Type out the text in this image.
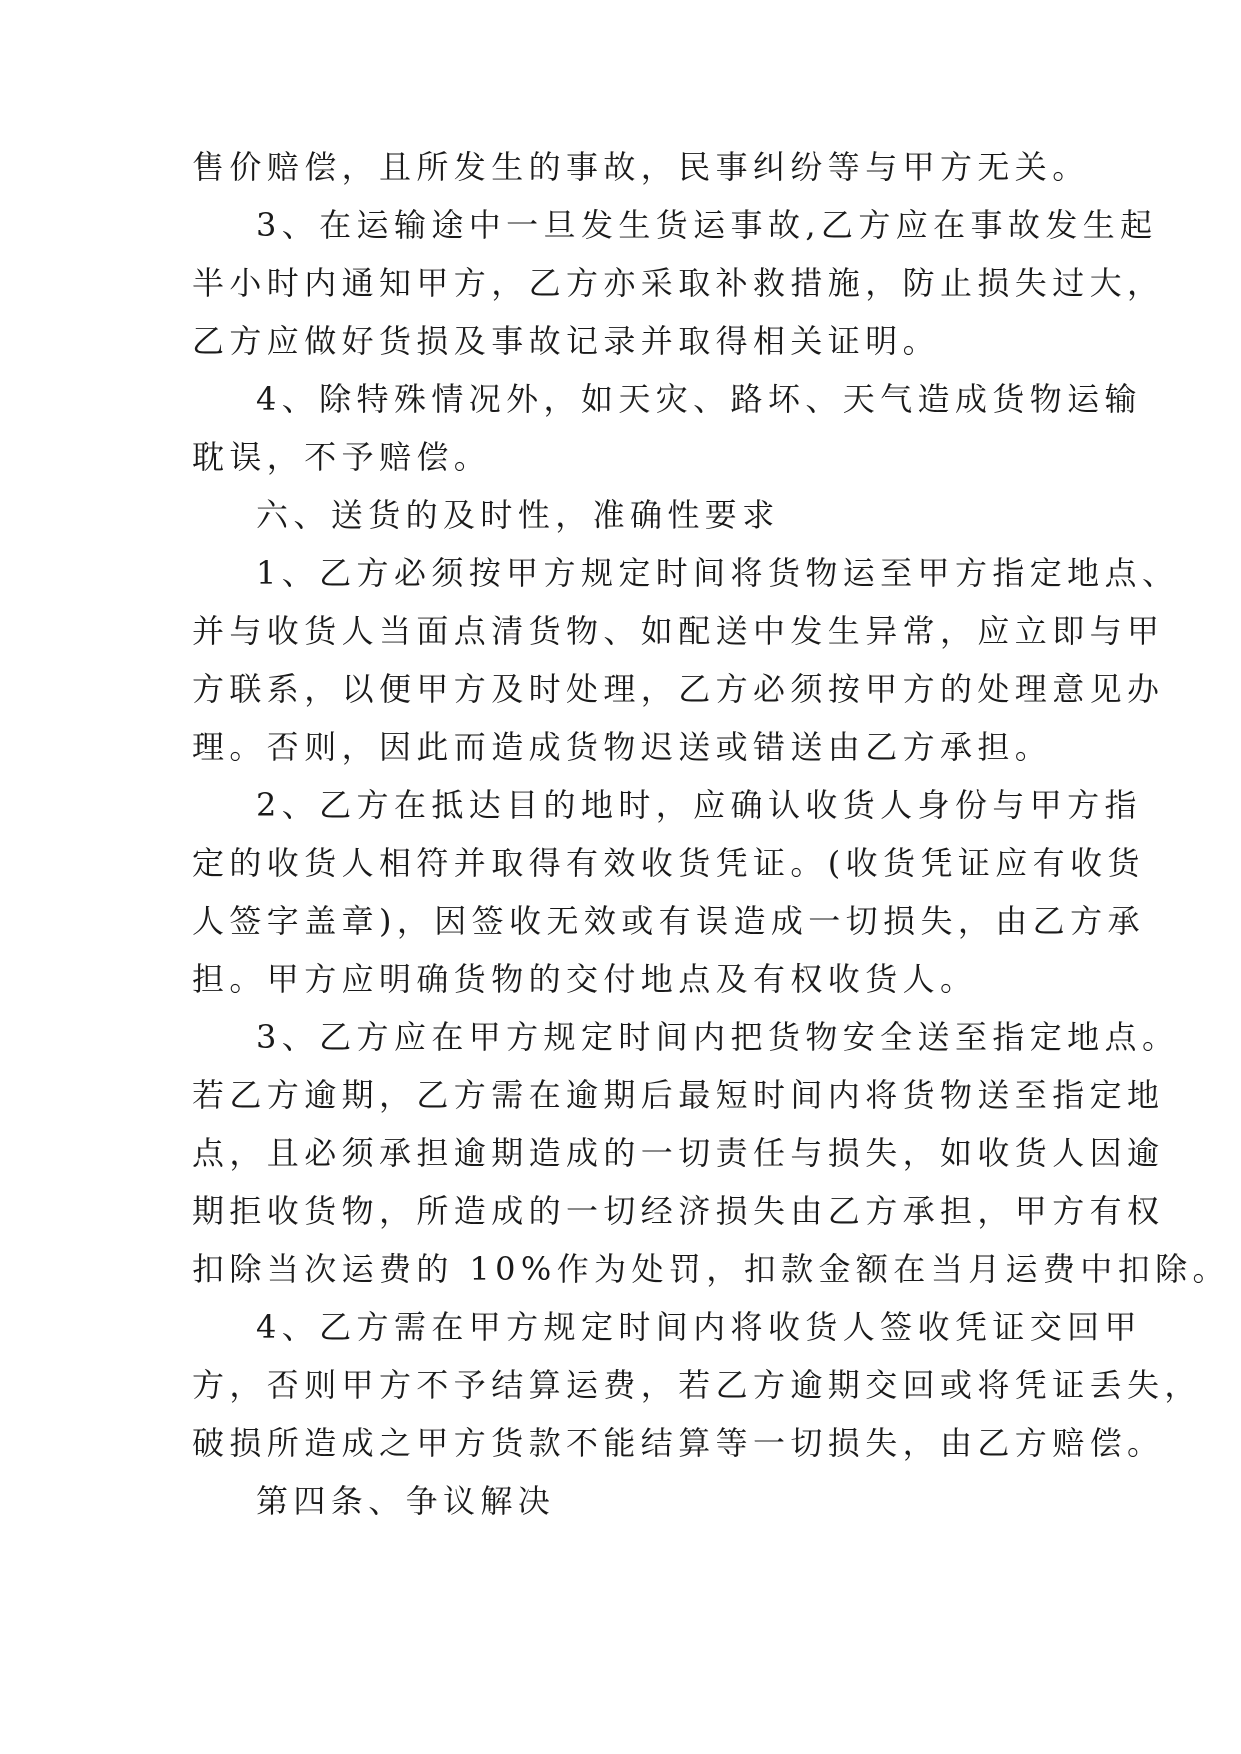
售价赔偿，且所发生的事故，民事纠纷等与甲方无关。
3、在运输途中一旦发生货运事故,乙方应在事故发生起
半小时内通知甲方，乙方亦采取补救措施，防止损失过大，
乙方应做好货损及事故记录并取得相关证明。
4、除特殊情况外，如天灾、路坏、天气造成货物运输
耽误，不予赔偿。
六、送货的及时性，准确性要求
1、乙方必须按甲方规定时间将货物运至甲方指定地点、
并与收货人当面点清货物、如配送中发生异常，应立即与甲
方联系，以便甲方及时处理，乙方必须按甲方的处理意见办
理。否则，因此而造成货物迟送或错送由乙方承担。
2、乙方在抵达目的地时，应确认收货人身份与甲方指
定的收货人相符并取得有效收货凭证。(收货凭证应有收货
人签字盖章)，因签收无效或有误造成一切损失，由乙方承
担。甲方应明确货物的交付地点及有权收货人。
3、乙方应在甲方规定时间内把货物安全送至指定地点。
若乙方逾期，乙方需在逾期后最短时间内将货物送至指定地
点，且必须承担逾期造成的一切责任与损失，如收货人因逾
期拒收货物，所造成的一切经济损失由乙方承担，甲方有权
扣除当次运费的 10%作为处罚，扣款金额在当月运费中扣除。
4、乙方需在甲方规定时间内将收货人签收凭证交回甲
方，否则甲方不予结算运费，若乙方逾期交回或将凭证丢失，
破损所造成之甲方货款不能结算等一切损失，由乙方赔偿。
第四条、争议解决
